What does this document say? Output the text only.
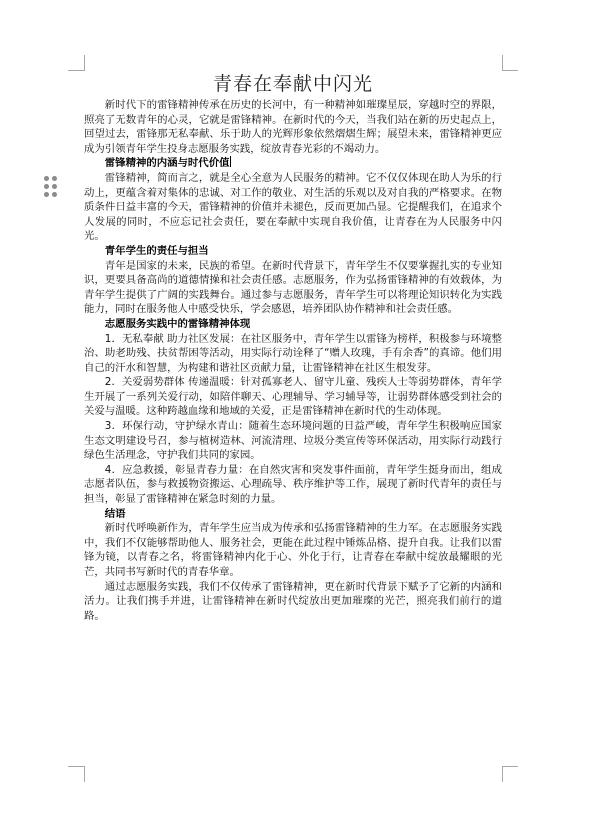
青春在奉献中闪光

新时代下的雷锋精神传承在历史的长河中，有一种精神如璀璨星辰，穿越时空的界限，照亮了无数青年的心灵，它就是雷锋精神。在新时代的今天，当我们站在新的历史起点上，回望过去，雷锋那无私奉献、乐于助人的光辉形象依然熠熠生辉；展望未来，雷锋精神更应成为引领青年学生投身志愿服务实践，绽放青春光彩的不竭动力。

雷锋精神的内涵与时代价值

雷锋精神，简而言之，就是全心全意为人民服务的精神。它不仅仅体现在助人为乐的行动上，更蕴含着对集体的忠诚、对工作的敬业、对生活的乐观以及对自我的严格要求。在物质条件日益丰富的今天，雷锋精神的价值并未褪色，反而更加凸显。它提醒我们，在追求个人发展的同时，不应忘记社会责任，要在奉献中实现自我价值，让青春在为人民服务中闪光。

青年学生的责任与担当

青年是国家的未来，民族的希望。在新时代背景下，青年学生不仅要掌握扎实的专业知识，更要具备高尚的道德情操和社会责任感。志愿服务，作为弘扬雷锋精神的有效载体，为青年学生提供了广阔的实践舞台。通过参与志愿服务，青年学生可以将理论知识转化为实践能力，同时在服务他人中感受快乐，学会感恩，培养团队协作精神和社会责任感。

志愿服务实践中的雷锋精神体现

1．无私奉献 助力社区发展：在社区服务中，青年学生以雷锋为榜样，积极参与环境整治、助老助残、扶贫帮困等活动，用实际行动诠释了“赠人玫瑰，手有余香”的真谛。他们用自己的汗水和智慧，为构建和谐社区贡献力量，让雷锋精神在社区生根发芽。

2．关爱弱势群体 传递温暖：针对孤寡老人、留守儿童、残疾人士等弱势群体，青年学生开展了一系列关爱行动，如陪伴聊天、心理辅导、学习辅导等，让弱势群体感受到社会的关爱与温暖。这种跨越血缘和地域的关爱，正是雷锋精神在新时代的生动体现。

3．环保行动，守护绿水青山：随着生态环境问题的日益严峻，青年学生积极响应国家生态文明建设号召，参与植树造林、河流清理、垃圾分类宣传等环保活动，用实际行动践行绿色生活理念，守护我们共同的家园。

4．应急救援，彰显青春力量：在自然灾害和突发事件面前，青年学生挺身而出，组成志愿者队伍，参与救援物资搬运、心理疏导、秩序维护等工作，展现了新时代青年的责任与担当，彰显了雷锋精神在紧急时刻的力量。

结语

新时代呼唤新作为，青年学生应当成为传承和弘扬雷锋精神的生力军。在志愿服务实践中，我们不仅能够帮助他人、服务社会，更能在此过程中锤炼品格、提升自我。让我们以雷锋为镜，以青春之名，将雷锋精神内化于心、外化于行，让青春在奉献中绽放最耀眼的光芒，共同书写新时代的青春华章。

通过志愿服务实践，我们不仅传承了雷锋精神，更在新时代背景下赋予了它新的内涵和活力。让我们携手并进，让雷锋精神在新时代绽放出更加璀璨的光芒，照亮我们前行的道路。
